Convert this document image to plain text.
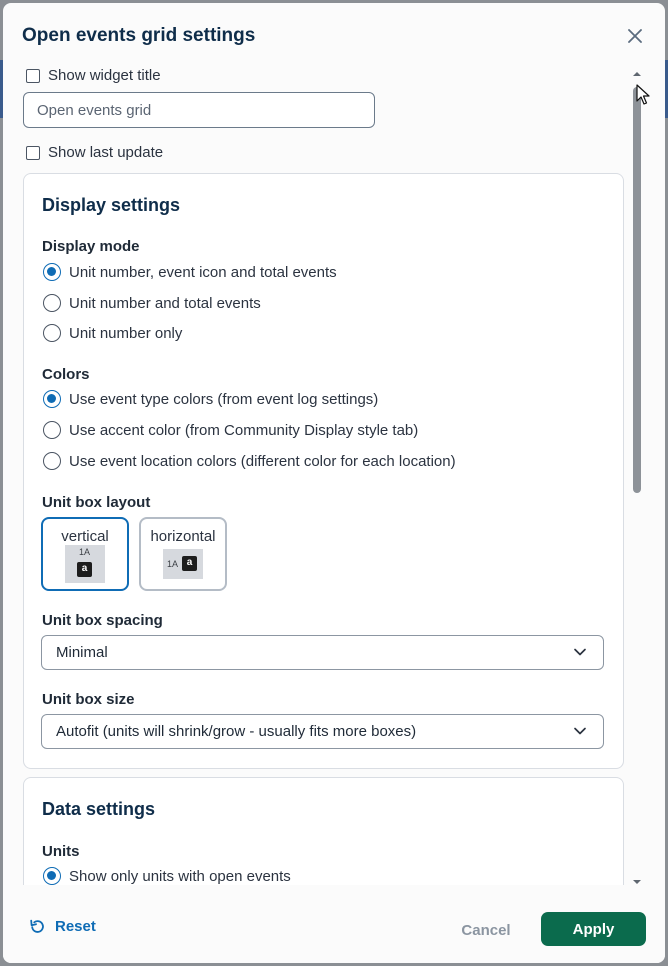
Open events grid settings
Show widget title
Open events grid
Show last update
Display settings
Display mode
Unit number, event icon and total events
Unit number and total events
Unit number only
Colors
Use event type colors (from event log settings)
Use accent color (from Community Display style tab)
Use event location colors (different color for each location)
Unit box layout
vertical
1A
a
horizontal
1A a
Unit box spacing
Minimal
Unit box size
Autofit (units will shrink/grow - usually fits more boxes)
Data settings
Units
Show only units with open events
Reset	Cancel	Apply
